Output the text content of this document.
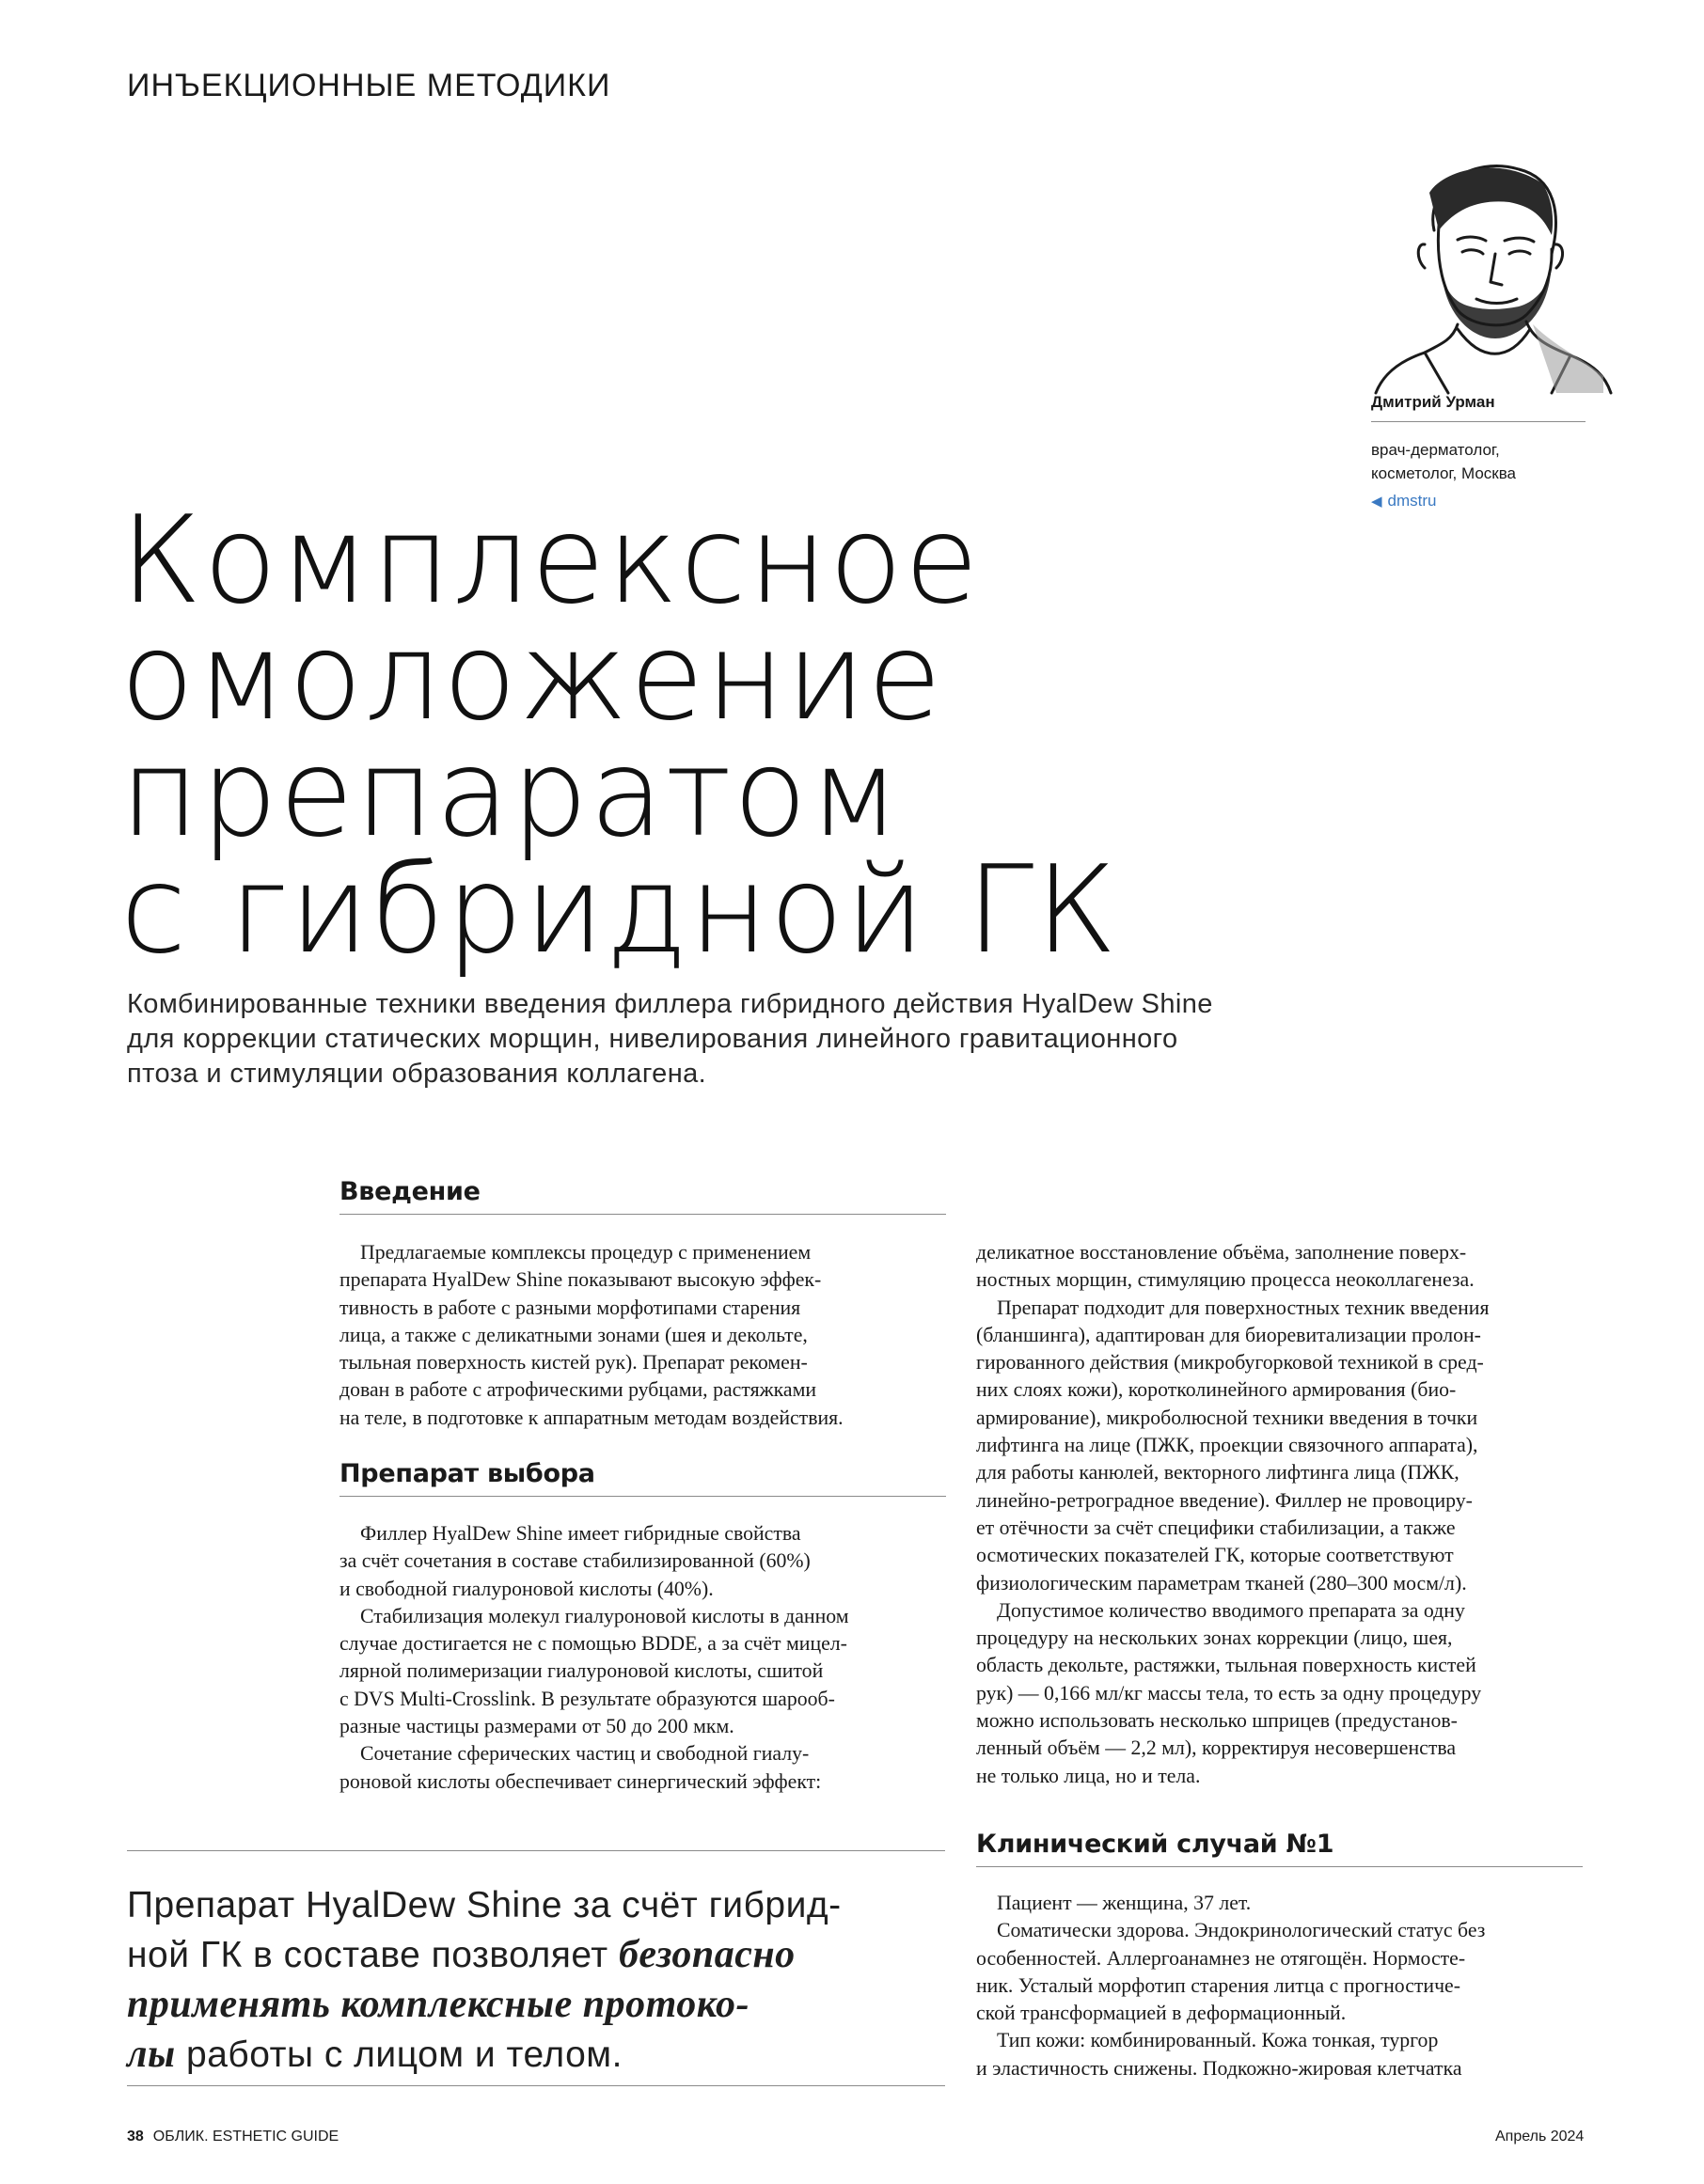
ИНЪЕКЦИОННЫЕ МЕТОДИКИ
Дмитрий Урман
врач-дерматолог,
косметолог, Москва
◀ dmstru
Комплексное
омоложение
препаратом
с гибридной ГК
Комбинированные техники введения филлера гибридного действия HyalDew Shine
для коррекции статических морщин, нивелирования линейного гравитационного
птоза и стимуляции образования коллагена.
Введение

Предлагаемые комплексы процедур с применением

препарата HyalDew Shine показывают высокую эффек-

тивность в работе с разными морфотипами старения

лица, а также с деликатными зонами (шея и декольте,

тыльная поверхность кистей рук). Препарат рекомен-

дован в работе с атрофическими рубцами, растяжками

на теле, в подготовке к аппаратным методам воздействия.

Препарат выбора

Филлер HyalDew Shine имеет гибридные свойства

за счёт сочетания в составе стабилизированной (60%)

и свободной гиалуроновой кислоты (40%).

Стабилизация молекул гиалуроновой кислоты в данном

случае достигается не с помощью BDDE, а за счёт мицел-

лярной полимеризации гиалуроновой кислоты, сшитой

с DVS Multi-Crosslink. В результате образуются шарооб-

разные частицы размерами от 50 до 200 мкм.

Сочетание сферических частиц и свободной гиалу-

роновой кислоты обеспечивает синергический эффект:

деликатное восстановление объёма, заполнение поверх-

ностных морщин, стимуляцию процесса неоколлагенеза.

Препарат подходит для поверхностных техник введения

(бланшинга), адаптирован для биоревитализации пролон-

гированного действия (микробугорковой техникой в сред-

них слоях кожи), коротколинейного армирования (био-

армирование), микроболюсной техники введения в точки

лифтинга на лице (ПЖК, проекции связочного аппарата),

для работы канюлей, векторного лифтинга лица (ПЖК,

линейно-ретроградное введение). Филлер не провоциру-

ет отёчности за счёт специфики стабилизации, а также

осмотических показателей ГК, которые соответствуют

физиологическим параметрам тканей (280–300 мосм/л).

Допустимое количество вводимого препарата за одну

процедуру на нескольких зонах коррекции (лицо, шея,

область декольте, растяжки, тыльная поверхность кистей

рук) — 0,166 мл/кг массы тела, то есть за одну процедуру

можно использовать несколько шприцев (предустанов-

ленный объём — 2,2 мл), корректируя несовершенства

не только лица, но и тела.

Клинический случай №1

Пациент — женщина, 37 лет.

Соматически здорова. Эндокринологический статус без

особенностей. Аллергоанамнез не отягощён. Нормосте-

ник. Усталый морфотип старения литца с прогностиче-

ской трансформацией в деформационный.

Тип кожи: комбинированный. Кожа тонкая, тургор

и эластичность снижены. Подкожно-жировая клетчатка

Препарат HyalDew Shine за счёт гибрид-
ной ГК в составе позволяет безопасно
применять комплексные протоко-
лы работы с лицом и телом.
38 ОБЛИК. ESTHETIC GUIDE	Апрель 2024
